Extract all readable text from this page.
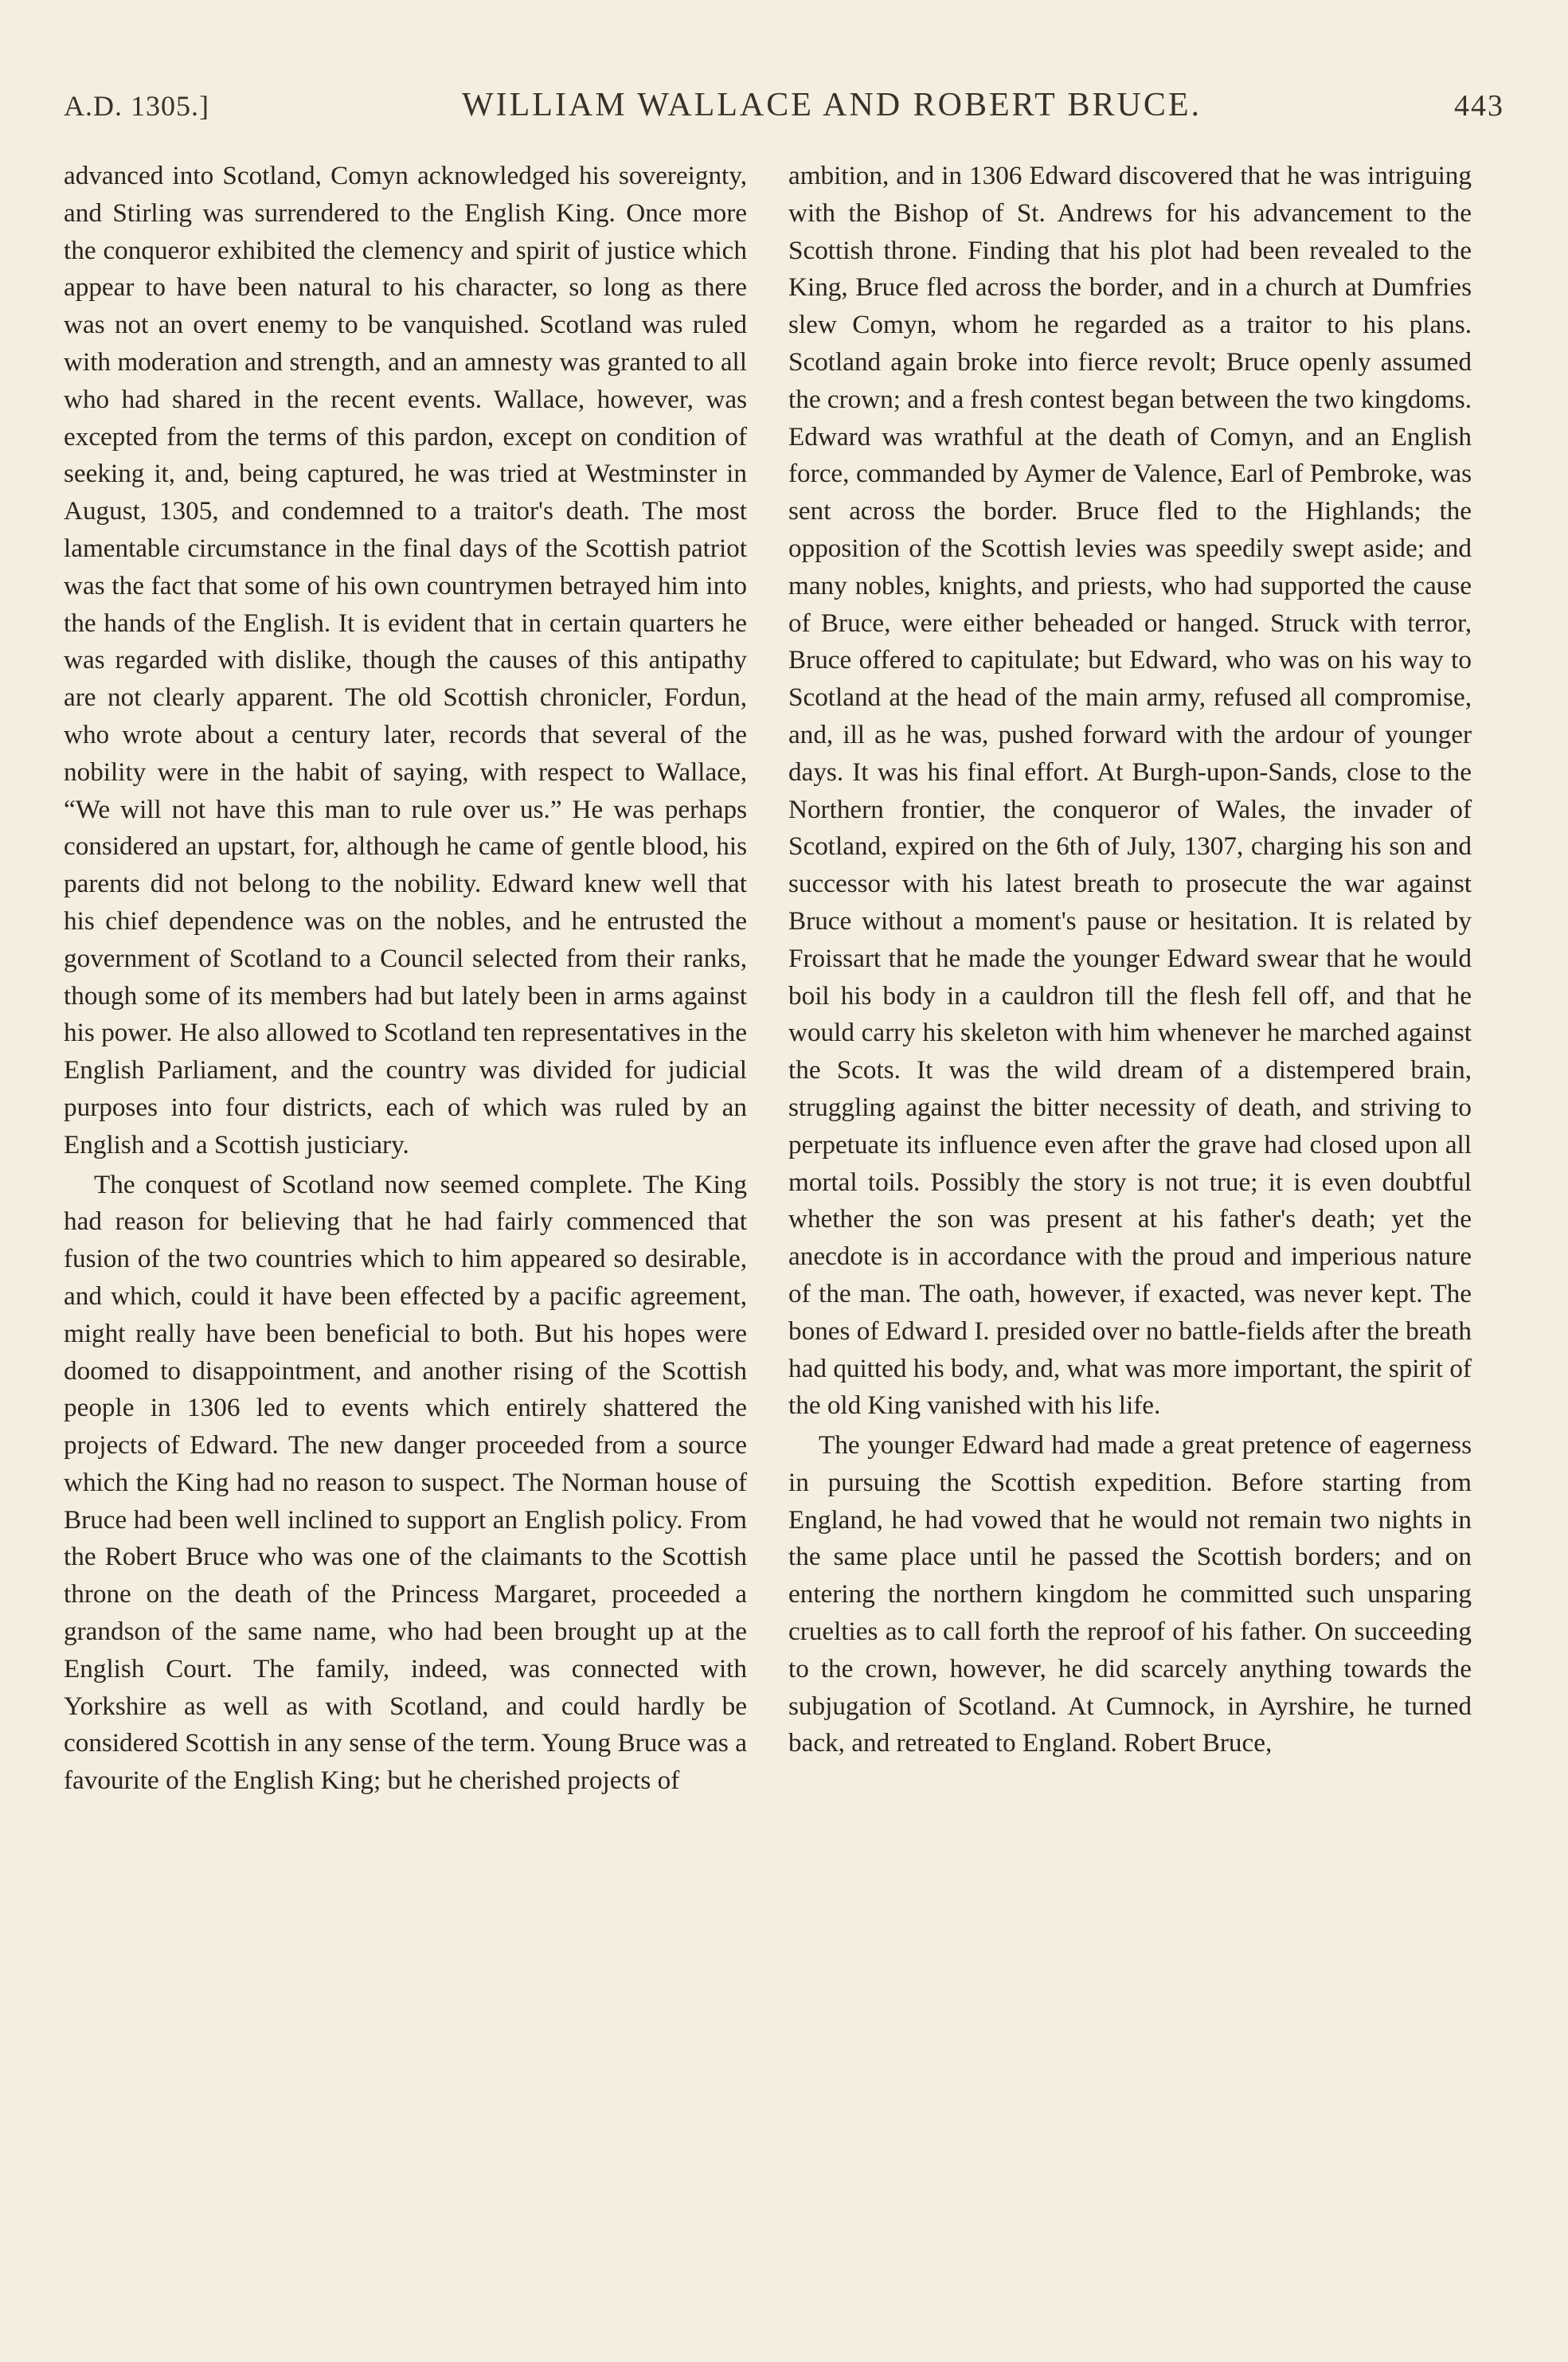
A.D. 1305.]	WILLIAM WALLACE AND ROBERT BRUCE.	443

advanced into Scotland, Comyn acknowledged his sovereignty, and Stirling was surrendered to the English King. Once more the conqueror exhibited the clemency and spirit of justice which appear to have been natural to his character, so long as there was not an overt enemy to be vanquished. Scotland was ruled with moderation and strength, and an amnesty was granted to all who had shared in the recent events. Wallace, however, was excepted from the terms of this pardon, except on condition of seeking it, and, being captured, he was tried at Westminster in August, 1305, and condemned to a traitor's death. The most lamentable circumstance in the final days of the Scottish patriot was the fact that some of his own countrymen betrayed him into the hands of the English. It is evident that in certain quarters he was regarded with dislike, though the causes of this antipathy are not clearly apparent. The old Scottish chronicler, Fordun, who wrote about a century later, records that several of the nobility were in the habit of saying, with respect to Wallace, “We will not have this man to rule over us.” He was perhaps considered an upstart, for, although he came of gentle blood, his parents did not belong to the nobility. Edward knew well that his chief dependence was on the nobles, and he entrusted the government of Scotland to a Council selected from their ranks, though some of its members had but lately been in arms against his power. He also allowed to Scotland ten representatives in the English Parliament, and the country was divided for judicial purposes into four districts, each of which was ruled by an English and a Scottish justiciary.

The conquest of Scotland now seemed complete. The King had reason for believing that he had fairly commenced that fusion of the two countries which to him appeared so desirable, and which, could it have been effected by a pacific agreement, might really have been beneficial to both. But his hopes were doomed to disappointment, and another rising of the Scottish people in 1306 led to events which entirely shattered the projects of Edward. The new danger proceeded from a source which the King had no reason to suspect. The Norman house of Bruce had been well inclined to support an English policy. From the Robert Bruce who was one of the claimants to the Scottish throne on the death of the Princess Margaret, proceeded a grandson of the same name, who had been brought up at the English Court. The family, indeed, was connected with Yorkshire as well as with Scotland, and could hardly be considered Scottish in any sense of the term. Young Bruce was a favourite of the English King; but he cherished projects of

ambition, and in 1306 Edward discovered that he was intriguing with the Bishop of St. Andrews for his advancement to the Scottish throne. Finding that his plot had been revealed to the King, Bruce fled across the border, and in a church at Dumfries slew Comyn, whom he regarded as a traitor to his plans. Scotland again broke into fierce revolt; Bruce openly assumed the crown; and a fresh contest began between the two kingdoms. Edward was wrathful at the death of Comyn, and an English force, commanded by Aymer de Valence, Earl of Pembroke, was sent across the border. Bruce fled to the Highlands; the opposition of the Scottish levies was speedily swept aside; and many nobles, knights, and priests, who had supported the cause of Bruce, were either beheaded or hanged. Struck with terror, Bruce offered to capitulate; but Edward, who was on his way to Scotland at the head of the main army, refused all compromise, and, ill as he was, pushed forward with the ardour of younger days. It was his final effort. At Burgh-upon-Sands, close to the Northern frontier, the conqueror of Wales, the invader of Scotland, expired on the 6th of July, 1307, charging his son and successor with his latest breath to prosecute the war against Bruce without a moment's pause or hesitation. It is related by Froissart that he made the younger Edward swear that he would boil his body in a cauldron till the flesh fell off, and that he would carry his skeleton with him whenever he marched against the Scots. It was the wild dream of a distempered brain, struggling against the bitter necessity of death, and striving to perpetuate its influence even after the grave had closed upon all mortal toils. Possibly the story is not true; it is even doubtful whether the son was present at his father's death; yet the anecdote is in accordance with the proud and imperious nature of the man. The oath, however, if exacted, was never kept. The bones of Edward I. presided over no battle-fields after the breath had quitted his body, and, what was more important, the spirit of the old King vanished with his life.

The younger Edward had made a great pretence of eagerness in pursuing the Scottish expedition. Before starting from England, he had vowed that he would not remain two nights in the same place until he passed the Scottish borders; and on entering the northern kingdom he committed such unsparing cruelties as to call forth the reproof of his father. On succeeding to the crown, however, he did scarcely anything towards the subjugation of Scotland. At Cumnock, in Ayrshire, he turned back, and retreated to England. Robert Bruce,
